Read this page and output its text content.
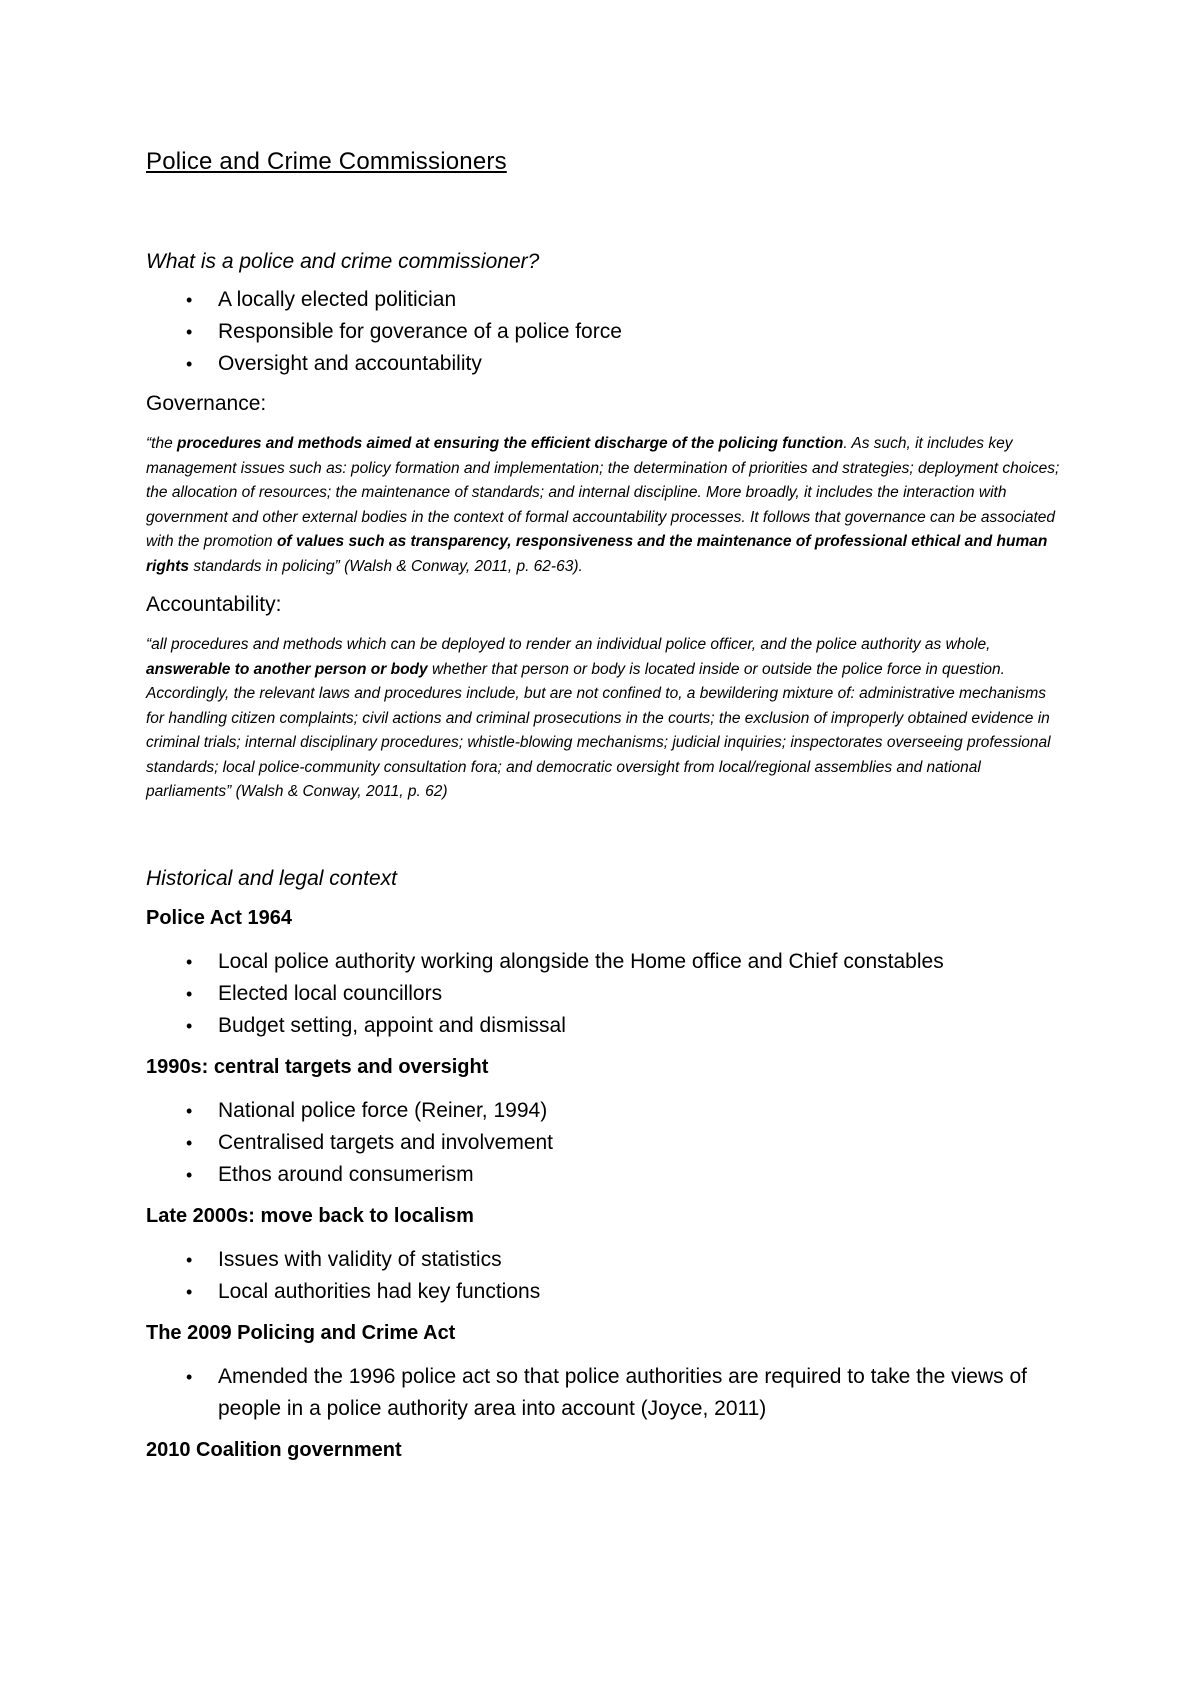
Police and Crime Commissioners

What is a police and crime commissioner?

• A locally elected politician
• Responsible for goverance of a police force
• Oversight and accountability

Governance:

“the procedures and methods aimed at ensuring the efficient discharge of the policing function. As such, it includes key management issues such as: policy formation and implementation; the determination of priorities and strategies; deployment choices; the allocation of resources; the maintenance of standards; and internal discipline. More broadly, it includes the interaction with government and other external bodies in the context of formal accountability processes. It follows that governance can be associated with the promotion of values such as transparency, responsiveness and the maintenance of professional ethical and human rights standards in policing” (Walsh & Conway, 2011, p. 62-63).

Accountability:

“all procedures and methods which can be deployed to render an individual police officer, and the police authority as whole, answerable to another person or body whether that person or body is located inside or outside the police force in question. Accordingly, the relevant laws and procedures include, but are not confined to, a bewildering mixture of: administrative mechanisms for handling citizen complaints; civil actions and criminal prosecutions in the courts; the exclusion of improperly obtained evidence in criminal trials; internal disciplinary procedures; whistle-blowing mechanisms; judicial inquiries; inspectorates overseeing professional standards; local police-community consultation fora; and democratic oversight from local/regional assemblies and national parliaments” (Walsh & Conway, 2011, p. 62)

Historical and legal context

Police Act 1964

• Local police authority working alongside the Home office and Chief constables
• Elected local councillors
• Budget setting, appoint and dismissal

1990s: central targets and oversight

• National police force (Reiner, 1994)
• Centralised targets and involvement
• Ethos around consumerism

Late 2000s: move back to localism

• Issues with validity of statistics
• Local authorities had key functions

The 2009 Policing and Crime Act

• Amended the 1996 police act so that police authorities are required to take the views of people in a police authority area into account (Joyce, 2011)

2010 Coalition government
